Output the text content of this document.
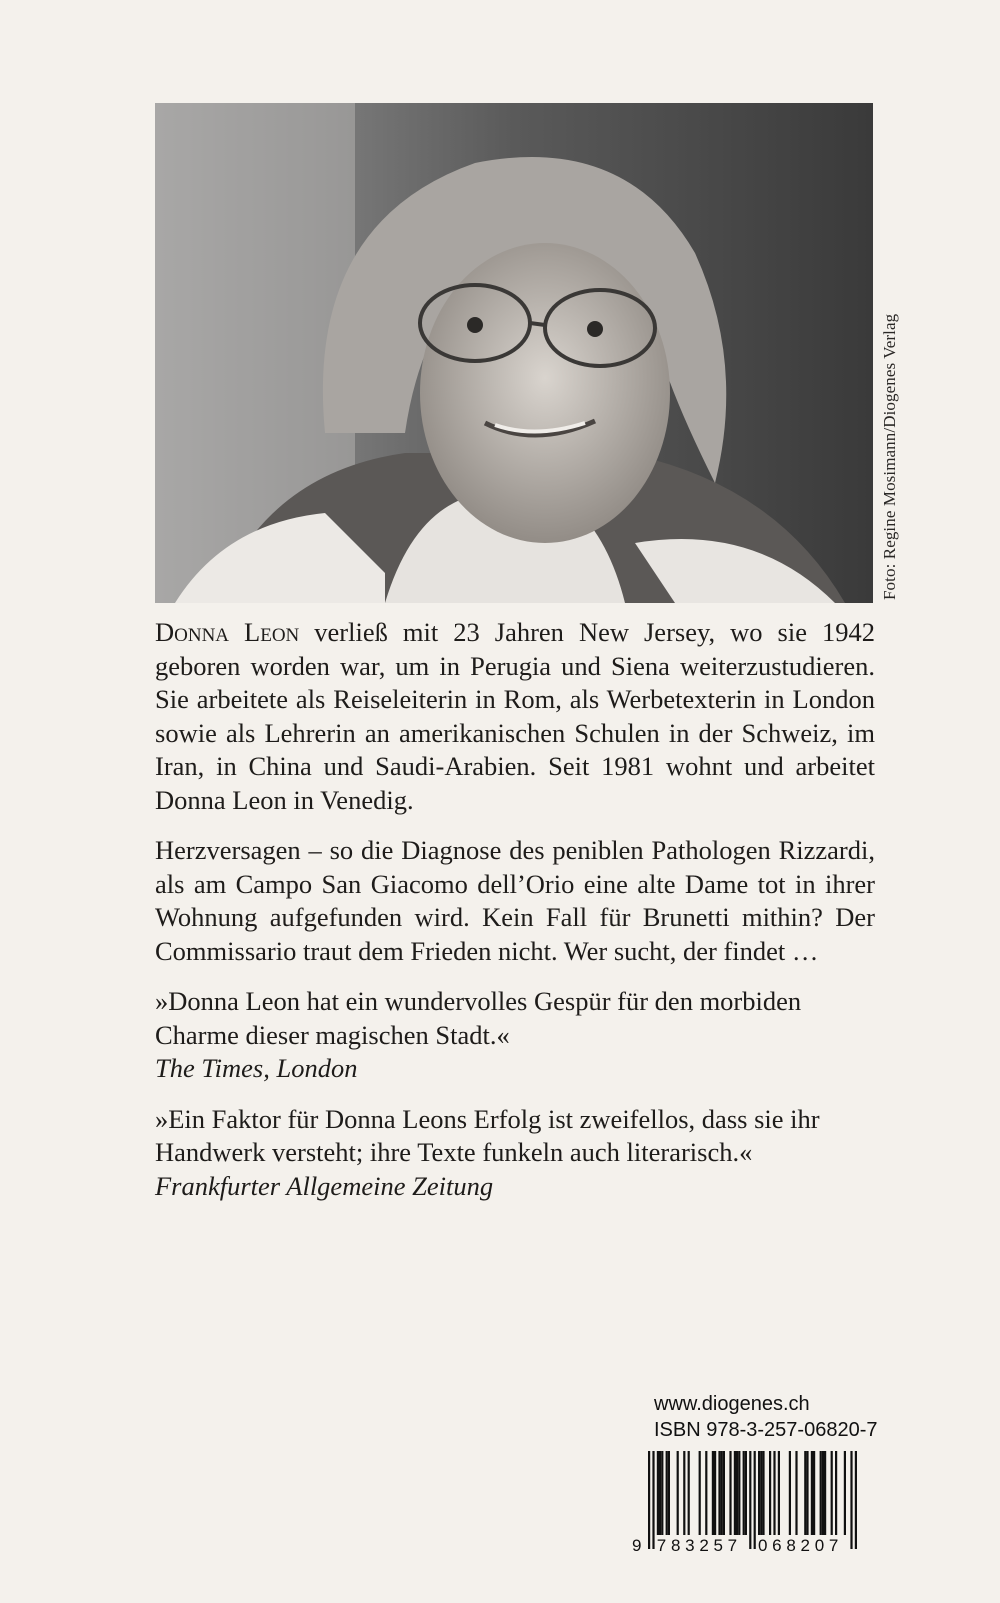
Foto: Regine Mosimann/Diogenes Verlag

Donna Leon verließ mit 23 Jahren New Jersey, wo sie 1942 geboren worden war, um in Perugia und Siena weiterzustudieren. Sie arbeitete als Reiseleiterin in Rom, als Werbetexterin in London sowie als Lehrerin an amerikanischen Schulen in der Schweiz, im Iran, in China und Saudi-Arabien. Seit 1981 wohnt und arbeitet Donna Leon in Venedig.

Herzversagen – so die Diagnose des peniblen Pathologen Rizzardi, als am Campo San Giacomo dell’Orio eine alte Dame tot in ihrer Wohnung aufgefunden wird. Kein Fall für Brunetti mithin? Der Commissario traut dem Frieden nicht. Wer sucht, der findet …

»Donna Leon hat ein wundervolles Gespür für den morbiden Charme dieser magischen Stadt.«
The Times, London

»Ein Faktor für Donna Leons Erfolg ist zweifellos, dass sie ihr Handwerk versteht; ihre Texte funkeln auch literarisch.«
Frankfurter Allgemeine Zeitung

www.diogenes.ch
ISBN 978-3-257-06820-7
9 7 8 3 2 5 7 0 6 8 2 0 7
